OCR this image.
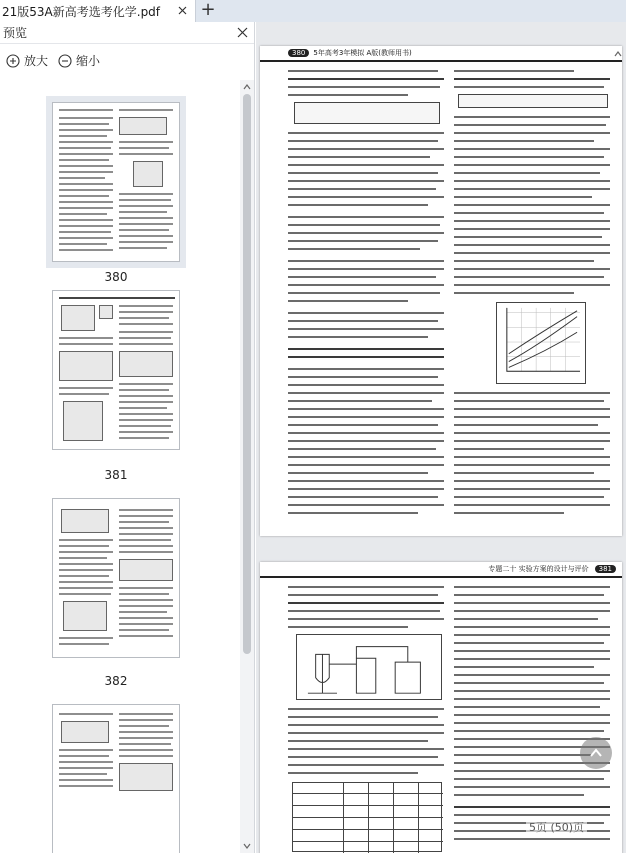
21版53A新高考选考化学.pdf	+
预览
放大 缩小
380
381
382
380	5年高考3年模拟 A版(教师用书)
专题二十 实验方案的设计与评价	381
5页 (50)页
